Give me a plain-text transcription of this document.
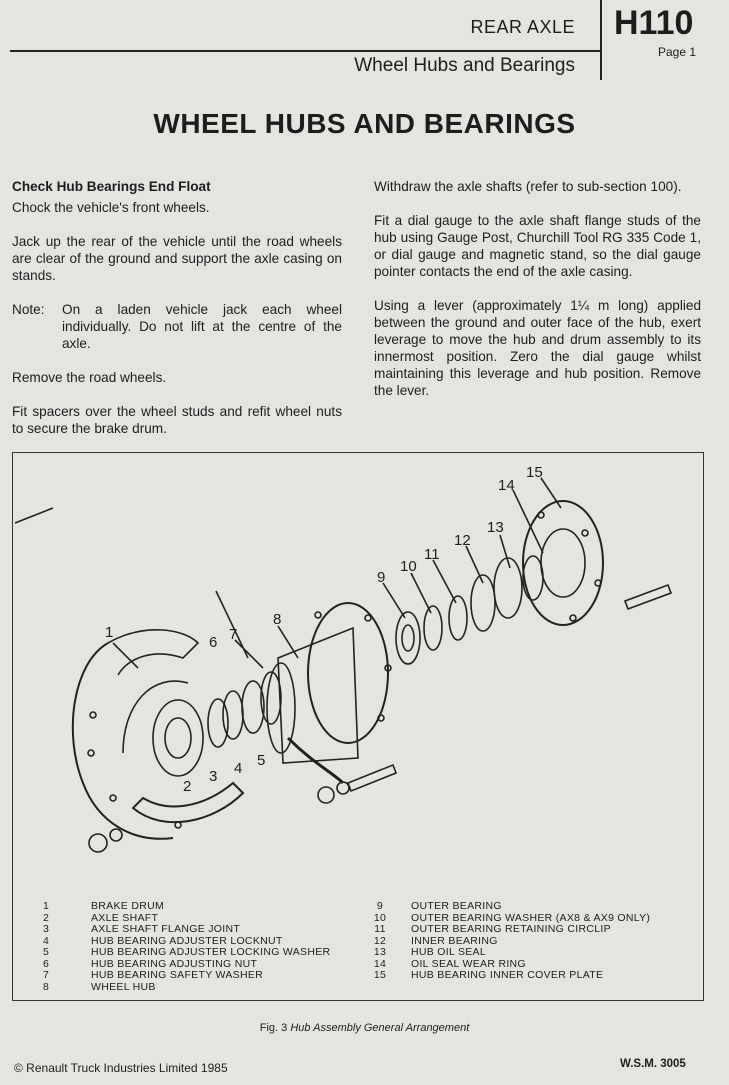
REAR AXLE H110
Page 1
Wheel Hubs and Bearings
WHEEL HUBS AND BEARINGS
Check Hub Bearings End Float

Chock the vehicle's front wheels.

Jack up the rear of the vehicle until the road wheels are clear of the ground and support the axle casing on stands.

Note:	On a laden vehicle jack each wheel individually. Do not lift at the centre of the axle.

Remove the road wheels.

Fit spacers over the wheel studs and refit wheel nuts to secure the brake drum.

Withdraw the axle shafts (refer to sub-section 100).

Fit a dial gauge to the axle shaft flange studs of the hub using Gauge Post, Churchill Tool RG 335 Code 1, or dial gauge and magnetic stand, so the dial gauge pointer contacts the end of the axle casing.

Using a lever (approximately 1¼ m long) applied between the ground and outer face of the hub, exert leverage to move the hub and drum assembly to its innermost position. Zero the dial gauge whilst maintaining this leverage and hub position. Remove the lever.

1
2
3 4 5
6 7
8
9
10
11
12
13
14
15
1	BRAKE DRUM
2	AXLE SHAFT
3	AXLE SHAFT FLANGE JOINT
4	HUB BEARING ADJUSTER LOCKNUT
5	HUB BEARING ADJUSTER LOCKING WASHER
6	HUB BEARING ADJUSTING NUT
7	HUB BEARING SAFETY WASHER
8	WHEEL HUB
9	OUTER BEARING
10	OUTER BEARING WASHER (AX8 & AX9 ONLY)
11	OUTER BEARING RETAINING CIRCLIP
12	INNER BEARING
13	HUB OIL SEAL
14	OIL SEAL WEAR RING
15	HUB BEARING INNER COVER PLATE
Fig. 3 Hub Assembly General Arrangement
© Renault Truck Industries Limited 1985	W.S.M. 3005
